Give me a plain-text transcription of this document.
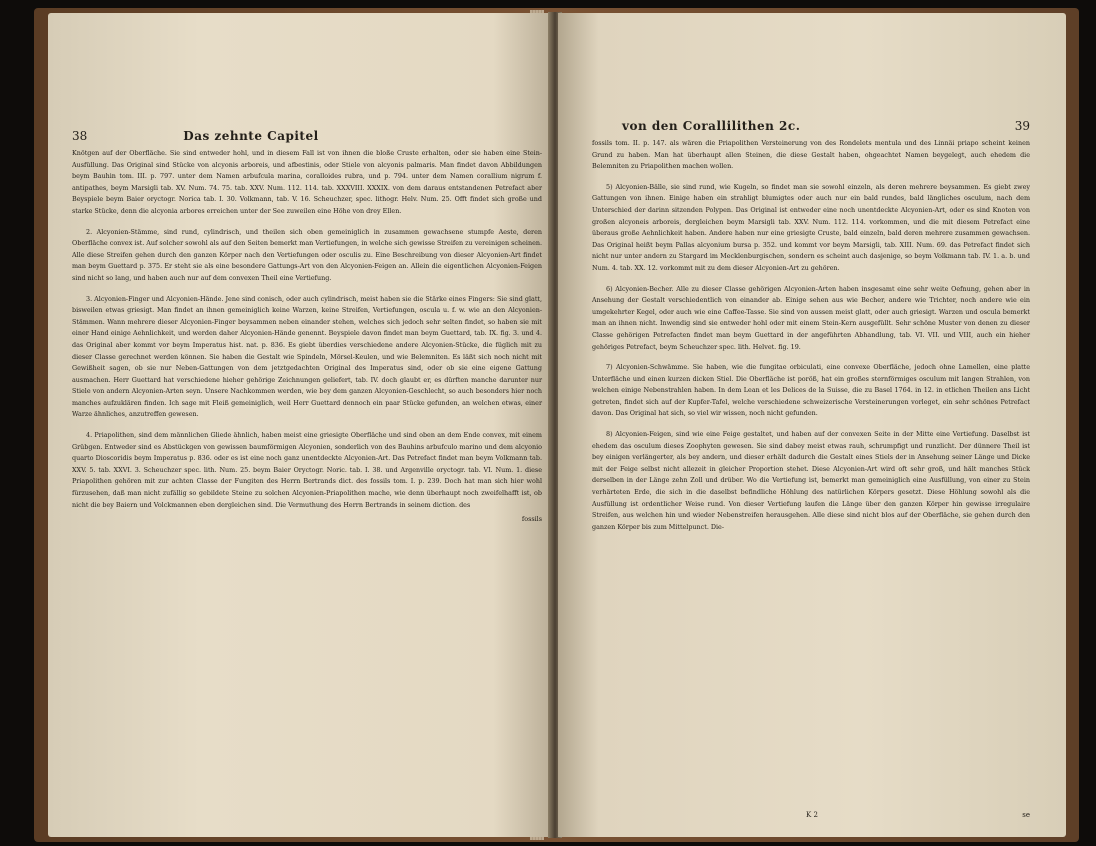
38	Das zehnte Capitel

Knötgen auf der Oberfläche. Sie sind entweder hohl, und in diesem Fall ist von ihnen die bloße Cruste erhalten, oder sie haben eine Stein-Ausfüllung. Das Original sind Stücke von alcyonis arboreis, und afbestinis, oder Stiele von alcyonis palmaris. Man findet davon Abbildungen beym Bauhin tom. III. p. 797. unter dem Namen arbufcula marina, coralloides rubra, und p. 794. unter dem Namen corallium nigrum f. antipathes, beym Marsigli tab. XV. Num. 74. 75. tab. XXV. Num. 112. 114. tab. XXXVIII. XXXIX. von dem daraus entstandenen Petrefact aber Beyspiele beym Baier oryctogr. Norica tab. I. 30. Volkmann, tab. V. 16. Scheuchzer, spec. lithogr. Helv. Num. 25. Offt findet sich große und starke Stücke, denn die alcyonia arbores erreichen unter der See zuweilen eine Höhe von drey Ellen.

2. Alcyonien-Stämme, sind rund, cylindrisch, und theilen sich oben gemeiniglich in zusammen gewachsene stumpfe Aeste, deren Oberfläche convex ist. Auf solcher sowohl als auf den Seiten bemerkt man Vertiefungen, in welche sich gewisse Streifen zu vereinigen scheinen. Alle diese Streifen gehen durch den ganzen Körper nach den Vertiefungen oder osculis zu. Eine Beschreibung von dieser Alcyonien-Art findet man beym Guettard p. 375. Er steht sie als eine besondere Gattungs-Art von den Alcyonien-Feigen an. Allein die eigentlichen Alcyonien-Feigen sind nicht so lang, und haben auch nur auf dem convexen Theil eine Vertiefung.

3. Alcyonien-Finger und Alcyonien-Hände. Jene sind conisch, oder auch cylindrisch, meist haben sie die Stärke eines Fingers: Sie sind glatt, bisweilen etwas griesigt. Man findet an ihnen gemeiniglich keine Warzen, keine Streifen, Vertiefungen, oscula u. f. w. wie an den Alcyonien-Stämmen. Wann mehrere dieser Alcyonien-Finger beysammen neben einander stehen, welches sich jedoch sehr selten findet, so haben sie mit einer Hand einige Aehnlichkeit, und werden daher Alcyonien-Hände genennt. Beyspiele davon findet man beym Guettard, tab. IX. fig. 3. und 4. das Original aber kommt vor beym Imperatus hist. nat. p. 836. Es giebt überdies verschiedene andere Alcyonien-Stücke, die füglich mit zu dieser Classe gerechnet werden können. Sie haben die Gestalt wie Spindeln, Mörsel-Keulen, und wie Belemniten. Es läßt sich noch nicht mit Gewißheit sagen, ob sie nur Neben-Gattungen von dem jetztgedachten Original des Imperatus sind, oder ob sie eine eigene Gattung ausmachen. Herr Guettard hat verschiedene hieher gehörige Zeichnungen geliefert, tab. IV. doch glaubt er, es dürften manche darunter nur Stiele von andern Alcyonien-Arten seyn. Unsere Nachkommen werden, wie bey dem ganzen Alcyonien-Geschlecht, so auch besonders hier noch manches aufzuklären finden. Ich sage mit Fleiß gemeiniglich, weil Herr Guettard dennoch ein paar Stücke gefunden, an welchen etwas, einer Warze ähnliches, anzutreffen gewesen.

4. Priapolithen, sind dem männlichen Gliede ähnlich, haben meist eine griesigte Oberfläche und sind oben an dem Ende convex, mit einem Grübgen. Entweder sind es Abstückgen von gewissen baumförmigen Alcyonien, sonderlich von des Bauhins arbufculo marino und dem alcyonio quarto Dioscoridis beym Imperatus p. 836. oder es ist eine noch ganz unentdeckte Alcyonien-Art. Das Petrefact findet man beym Volkmann tab. XXV. 5. tab. XXVI. 3. Scheuchzer spec. lith. Num. 25. beym Baier Oryctogr. Noric. tab. I. 38. und Argenville oryctogr. tab. VI. Num. 1. diese Priapolithen gehören mit zur achten Classe der Fungiten des Herrn Bertrands dict. des fossils tom. I. p. 239. Doch hat man sich hier wohl fürzusehen, daß man nicht zufällig so gebildete Steine zu solchen Alcyonien-Priapolithen mache, wie denn überhaupt noch zweifelhafft ist, ob nicht die bey Baiern und Volckmannen eben dergleichen sind. Die Vermuthung des Herrn Bertrands in seinem diction. des

fossils
von den Corallilithen 2c.	39

fossils tom. II. p. 147. als wären die Priapolithen Versteinerung von des Rondelets mentula und des Linnäi priapo scheint keinen Grund zu haben. Man hat überhaupt allen Steinen, die diese Gestalt haben, ohgeachtet Namen beygelegt, auch ehedem die Belemniten zu Priapolithen machen wollen.

5) Alcyonien-Bälle, sie sind rund, wie Kugeln, so findet man sie sowohl einzeln, als deren mehrere beysammen. Es giebt zwey Gattungen von ihnen. Einige haben ein strahligt blumigtes oder auch nur ein bald rundes, bald längliches osculum, nach dem Unterschied der darinn sitzenden Polypen. Das Original ist entweder eine noch unentdeckte Alcyonien-Art, oder es sind Knoten von großen alcyoneis arboreis, dergleichen beym Marsigli tab. XXV. Num. 112. 114. vorkommen, und die mit diesem Petrefact eine überaus große Aehnlichkeit haben. Andere haben nur eine griesigte Cruste, bald einzeln, bald deren mehrere zusammen gewachsen. Das Original heißt beym Pallas alcyonium bursa p. 352. und kommt vor beym Marsigli, tab. XIII. Num. 69. das Petrefact findet sich nicht nur unter andern zu Stargard im Mecklenburgischen, sondern es scheint auch dasjenige, so beym Volkmann tab. IV. 1. a. b. und Num. 4. tab. XX. 12. vorkommt mit zu dem dieser Alcyonien-Art zu gehören.

6) Alcyonien-Becher. Alle zu dieser Classe gehörigen Alcyonien-Arten haben insgesamt eine sehr weite Oefnung, gehen aber in Ansehung der Gestalt verschiedentlich von einander ab. Einige sehen aus wie Becher, andere wie Trichter, noch andere wie ein umgekehrter Kegel, oder auch wie eine Caffee-Tasse. Sie sind von aussen meist glatt, oder auch griesigt. Warzen und oscula bemerkt man an ihnen nicht. Inwendig sind sie entweder hohl oder mit einem Stein-Kern ausgefüllt. Sehr schöne Muster von denen zu dieser Classe gehörigen Petrefacten findet man beym Guettard in der angeführten Abhandlung, tab. VI. VII. und VIII, auch ein hieher gehöriges Petrefact, beym Scheuchzer spec. lith. Helvet. fig. 19.

7) Alcyonien-Schwämme. Sie haben, wie die fungitae orbiculati, eine convexe Oberfläche, jedoch ohne Lamellen, eine platte Unterfläche und einen kurzen dicken Stiel. Die Oberfläche ist poröß, hat ein großes sternförmiges osculum mit langen Strahlen, von welchen einige Nebenstrahlen haben. In dem Lean et les Delices de la Suisse, die zu Basel 1764. in 12. in etlichen Theilen ans Licht getreten, findet sich auf der Kupfer-Tafel, welche verschiedene schweizerische Versteinerungen vorleget, ein sehr schönes Petrefact davon. Das Original hat sich, so viel wir wissen, noch nicht gefunden.

8) Alcyonien-Feigen, sind wie eine Feige gestaltet, und haben auf der convexen Seite in der Mitte eine Vertiefung. Daselbst ist ehedem das osculum dieses Zoophyten gewesen. Sie sind dabey meist etwas rauh, schrumpfigt und runzlicht. Der dünnere Theil ist bey einigen verlängerter, als bey andern, und dieser erhält dadurch die Gestalt eines Stiels der in Ansehung seiner Länge und Dicke mit der Feige selbst nicht allezeit in gleicher Proportion stehet. Diese Alcyonien-Art wird oft sehr groß, und hält manches Stück derselben in der Länge zehn Zoll und drüber. Wo die Vertiefung ist, bemerkt man gemeiniglich eine Ausfüllung, von einer zu Stein verhärteten Erde, die sich in die daselbst befindliche Höhlung des natürlichen Körpers gesetzt. Diese Höhlung sowohl als die Ausfüllung ist ordentlicher Weise rund. Von dieser Vertiefung laufen die Länge über den ganzen Körper hin gewisse irregulaire Streifen, aus welchen hin und wieder Nebenstreifen herausgehen. Alle diese sind nicht blos auf der Oberfläche, sie gehen durch den ganzen Körper bis zum Mittelpunct. Die-

K 2	se
